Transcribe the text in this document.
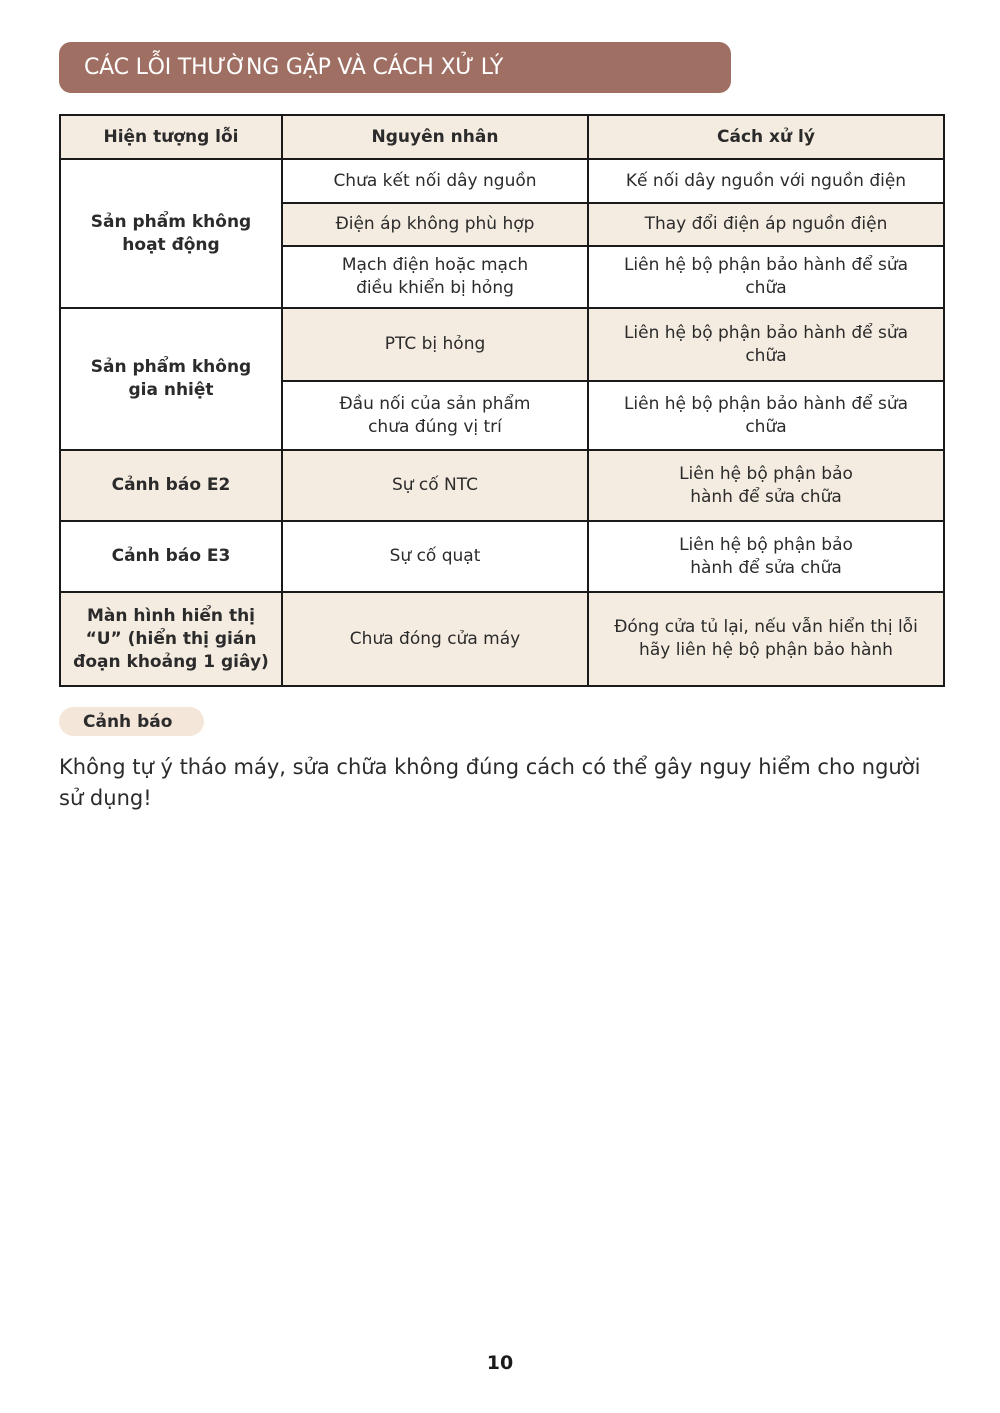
CÁC LỖI THƯỜNG GẶP VÀ CÁCH XỬ LÝ
Hiện tượng lỗi	Nguyên nhân	Cách xử lý
Sản phẩm không hoạt động	Chưa kết nối dây nguồn	Kế nối dây nguồn với nguồn điện
	Điện áp không phù hợp	Thay đổi điện áp nguồn điện
	Mạch điện hoặc mạch điều khiển bị hỏng	Liên hệ bộ phận bảo hành để sửa chữa
Sản phẩm không gia nhiệt	PTC bị hỏng	Liên hệ bộ phận bảo hành để sửa chữa
	Đầu nối của sản phẩm chưa đúng vị trí	Liên hệ bộ phận bảo hành để sửa chữa
Cảnh báo E2	Sự cố NTC	Liên hệ bộ phận bảo hành để sửa chữa
Cảnh báo E3	Sự cố quạt	Liên hệ bộ phận bảo hành để sửa chữa
Màn hình hiển thị “U” (hiển thị gián đoạn khoảng 1 giây)	Chưa đóng cửa máy	Đóng cửa tủ lại, nếu vẫn hiển thị lỗi hãy liên hệ bộ phận bảo hành
Cảnh báo

Không tự ý tháo máy, sửa chữa không đúng cách có thể gây nguy hiểm cho người sử dụng!

10
